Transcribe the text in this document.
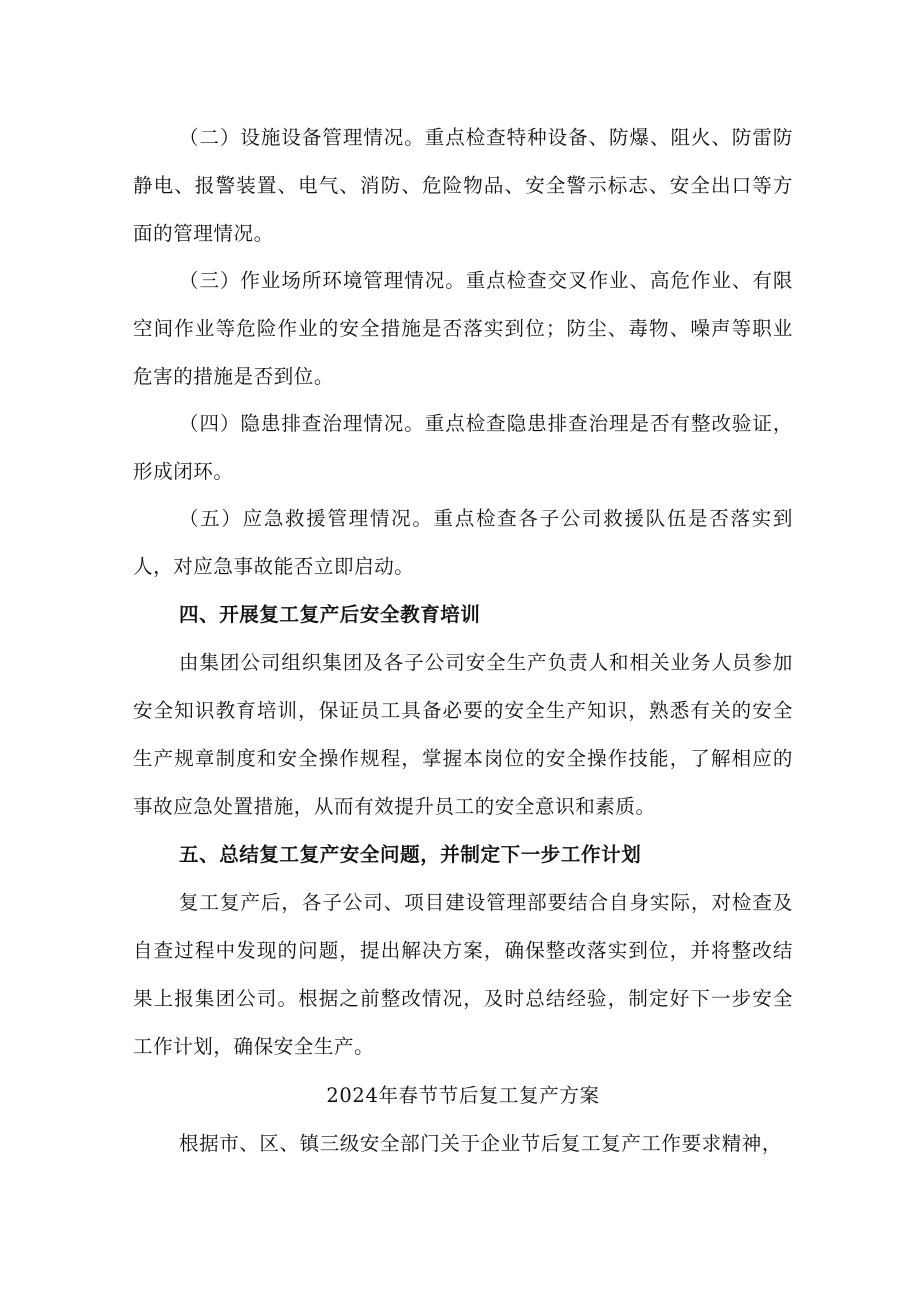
（二）设施设备管理情况。重点检查特种设备、防爆、阻火、防雷防静电、报警装置、电气、消防、危险物品、安全警示标志、安全出口等方面的管理情况。

（三）作业场所环境管理情况。重点检查交叉作业、高危作业、有限空间作业等危险作业的安全措施是否落实到位；防尘、毒物、噪声等职业危害的措施是否到位。

（四）隐患排查治理情况。重点检查隐患排查治理是否有整改验证，形成闭环。

（五）应急救援管理情况。重点检查各子公司救援队伍是否落实到人，对应急事故能否立即启动。

四、开展复工复产后安全教育培训

由集团公司组织集团及各子公司安全生产负责人和相关业务人员参加安全知识教育培训，保证员工具备必要的安全生产知识，熟悉有关的安全生产规章制度和安全操作规程，掌握本岗位的安全操作技能，了解相应的事故应急处置措施，从而有效提升员工的安全意识和素质。

五、总结复工复产安全问题，并制定下一步工作计划

复工复产后，各子公司、项目建设管理部要结合自身实际，对检查及自查过程中发现的问题，提出解决方案，确保整改落实到位，并将整改结果上报集团公司。根据之前整改情况，及时总结经验，制定好下一步安全工作计划，确保安全生产。

2024年春节节后复工复产方案

根据市、区、镇三级安全部门关于企业节后复工复产工作要求精神，
